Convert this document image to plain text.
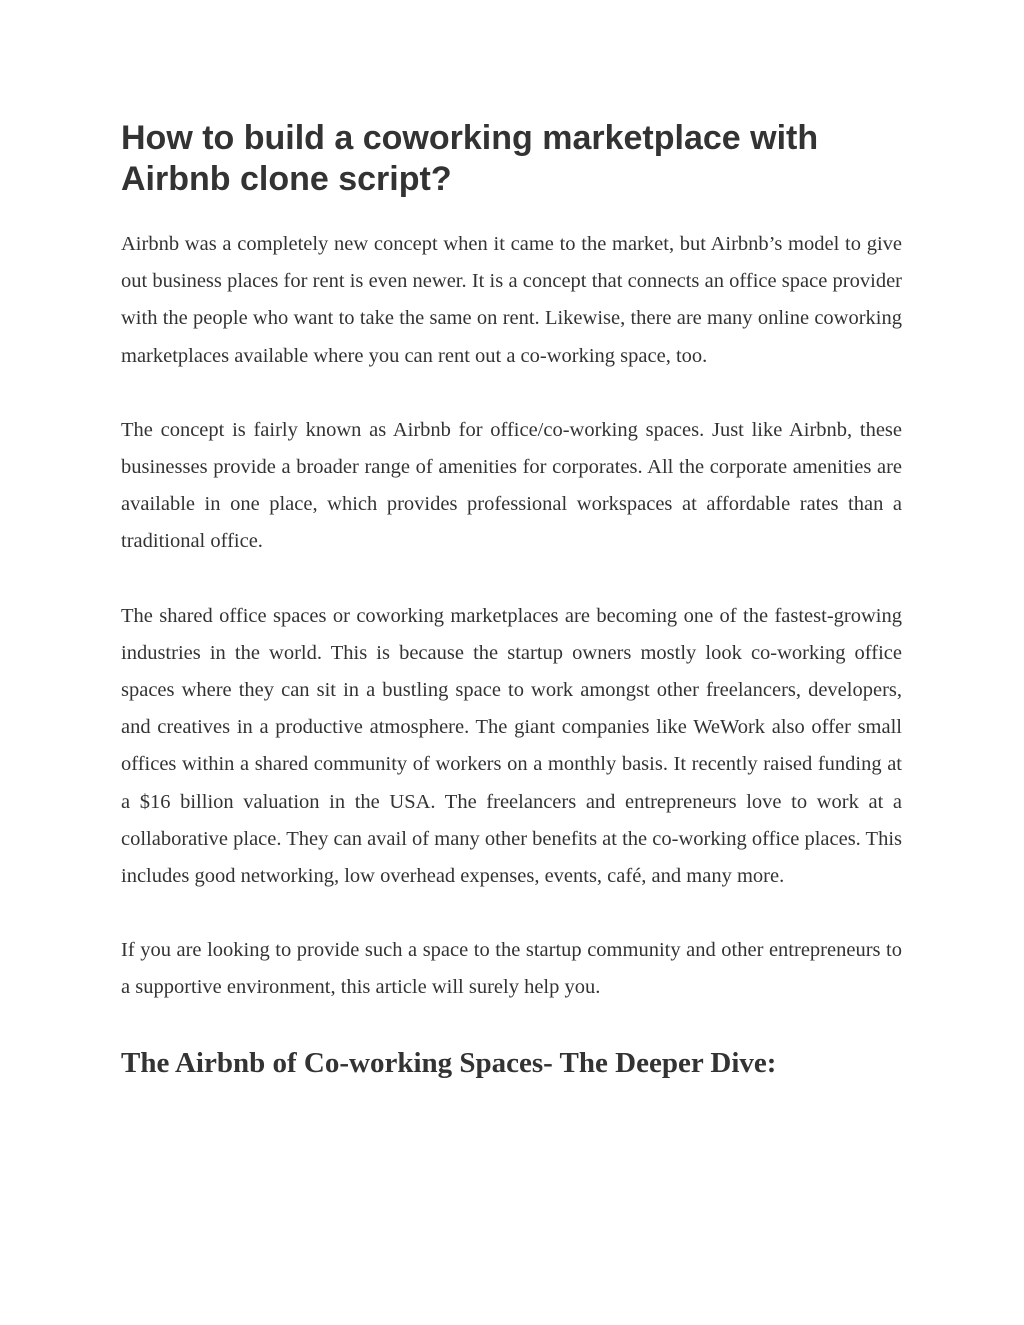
How to build a coworking marketplace with Airbnb clone script?

Airbnb was a completely new concept when it came to the market, but Airbnb’s model to give out business places for rent is even newer. It is a concept that connects an office space provider with the people who want to take the same on rent. Likewise, there are many online coworking marketplaces available where you can rent out a co-working space, too.

The concept is fairly known as Airbnb for office/co-working spaces. Just like Airbnb, these businesses provide a broader range of amenities for corporates. All the corporate amenities are available in one place, which provides professional workspaces at affordable rates than a traditional office.

The shared office spaces or coworking marketplaces are becoming one of the fastest-growing industries in the world. This is because the startup owners mostly look co-working office spaces where they can sit in a bustling space to work amongst other freelancers, developers, and creatives in a productive atmosphere. The giant companies like WeWork also offer small offices within a shared community of workers on a monthly basis. It recently raised funding at a $16 billion valuation in the USA. The freelancers and entrepreneurs love to work at a collaborative place. They can avail of many other benefits at the co-working office places. This includes good networking, low overhead expenses, events, café, and many more.

If you are looking to provide such a space to the startup community and other entrepreneurs to a supportive environment, this article will surely help you.

The Airbnb of Co-working Spaces- The Deeper Dive:
